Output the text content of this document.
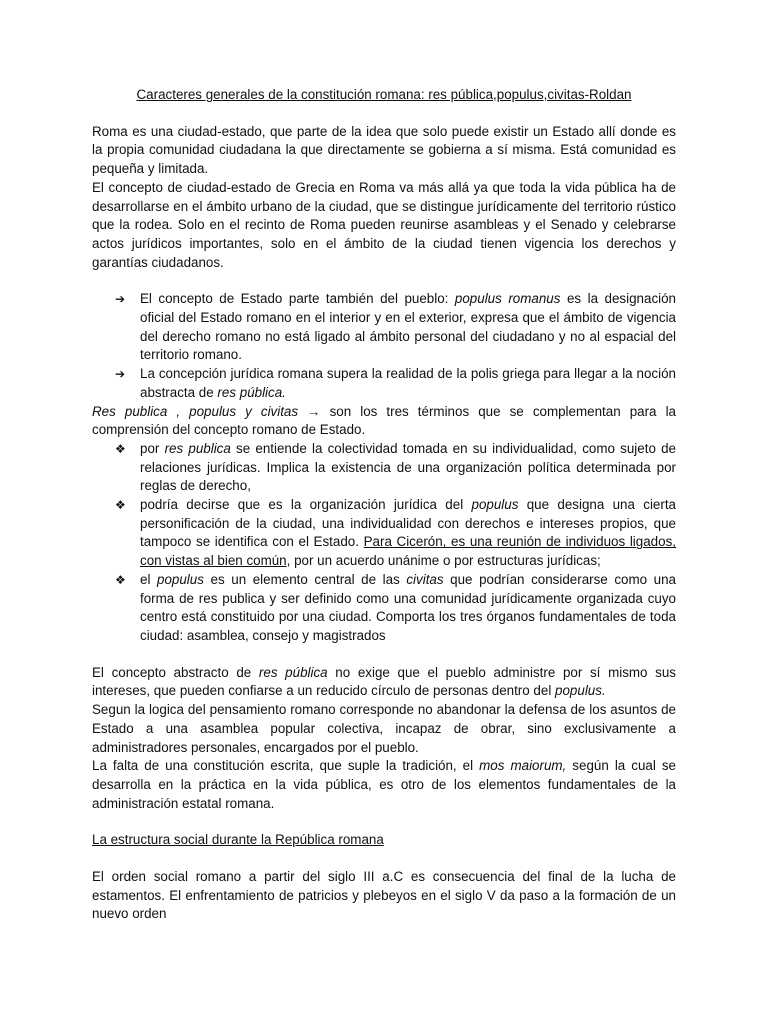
Caracteres generales de la constitución romana: res pública,populus,civitas-Roldan

Roma es una ciudad-estado, que parte de la idea que solo puede existir un Estado allí donde es la propia comunidad ciudadana la que directamente se gobierna a sí misma. Está comunidad es pequeña y limitada.

El concepto de ciudad-estado de Grecia en Roma va más allá ya que toda la vida pública ha de desarrollarse en el ámbito urbano de la ciudad, que se distingue jurídicamente del territorio rústico que la rodea. Solo en el recinto de Roma pueden reunirse asambleas y el Senado y celebrarse actos jurídicos importantes, solo en el ámbito de la ciudad tienen vigencia los derechos y garantías ciudadanos.

➔ El concepto de Estado parte también del pueblo: populus romanus es la designación oficial del Estado romano en el interior y en el exterior, expresa que el ámbito de vigencia del derecho romano no está ligado al ámbito personal del ciudadano y no al espacial del territorio romano.
➔ La concepción jurídica romana supera la realidad de la polis griega para llegar a la noción abstracta de res pública.

Res publica , populus y civitas → son los tres términos que se complementan para la comprensión del concepto romano de Estado.

❖ por res publica se entiende la colectividad tomada en su individualidad, como sujeto de relaciones jurídicas. Implica la existencia de una organización política determinada por reglas de derecho,
❖ podría decirse que es la organización jurídica del populus que designa una cierta personificación de la ciudad, una individualidad con derechos e intereses propios, que tampoco se identifica con el Estado. Para Cicerón, es una reunión de individuos ligados, con vistas al bien común, por un acuerdo unánime o por estructuras jurídicas;
❖ el populus es un elemento central de las civitas que podrían considerarse como una forma de res publica y ser definido como una comunidad jurídicamente organizada cuyo centro está constituido por una ciudad. Comporta los tres órganos fundamentales de toda ciudad: asamblea, consejo y magistrados

El concepto abstracto de res pública no exige que el pueblo administre por sí mismo sus intereses, que pueden confiarse a un reducido círculo de personas dentro del populus.

Segun la logica del pensamiento romano corresponde no abandonar la defensa de los asuntos de Estado a una asamblea popular colectiva, incapaz de obrar, sino exclusivamente a administradores personales, encargados por el pueblo.

La falta de una constitución escrita, que suple la tradición, el mos maiorum, según la cual se desarrolla en la práctica en la vida pública, es otro de los elementos fundamentales de la administración estatal romana.

La estructura social durante la República romana

El orden social romano a partir del siglo III a.C es consecuencia del final de la lucha de estamentos. El enfrentamiento de patricios y plebeyos en el siglo V da paso a la formación de un nuevo orden
